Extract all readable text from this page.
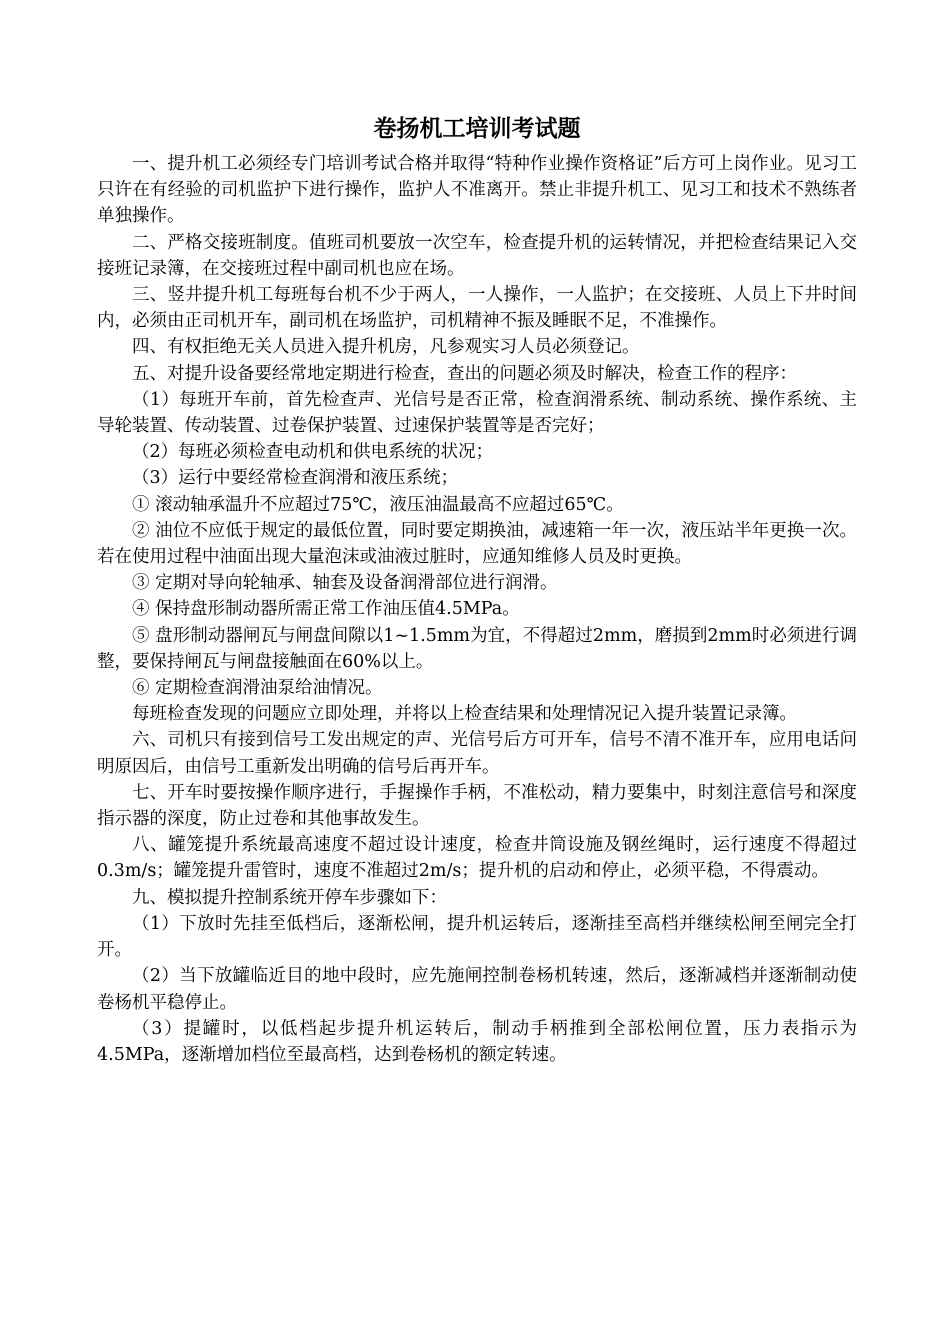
卷扬机工培训考试题

一、提升机工必须经专门培训考试合格并取得“特种作业操作资格证”后方可上岗作业。见习工只许在有经验的司机监护下进行操作，监护人不准离开。禁止非提升机工、见习工和技术不熟练者单独操作。

二、严格交接班制度。值班司机要放一次空车，检查提升机的运转情况，并把检查结果记入交接班记录簿，在交接班过程中副司机也应在场。

三、竖井提升机工每班每台机不少于两人，一人操作，一人监护；在交接班、人员上下井时间内，必须由正司机开车，副司机在场监护，司机精神不振及睡眠不足，不准操作。

四、有权拒绝无关人员进入提升机房，凡参观实习人员必须登记。

五、对提升设备要经常地定期进行检查，查出的问题必须及时解决，检查工作的程序：

（1）每班开车前，首先检查声、光信号是否正常，检查润滑系统、制动系统、操作系统、主导轮装置、传动装置、过卷保护装置、过速保护装置等是否完好；

（2）每班必须检查电动机和供电系统的状况；

（3）运行中要经常检查润滑和液压系统；

① 滚动轴承温升不应超过75℃，液压油温最高不应超过65℃。

② 油位不应低于规定的最低位置，同时要定期换油，减速箱一年一次，液压站半年更换一次。若在使用过程中油面出现大量泡沫或油液过脏时，应通知维修人员及时更换。

③ 定期对导向轮轴承、轴套及设备润滑部位进行润滑。

④ 保持盘形制动器所需正常工作油压值4.5MPa。

⑤ 盘形制动器闸瓦与闸盘间隙以1~1.5mm为宜，不得超过2mm，磨损到2mm时必须进行调整，要保持闸瓦与闸盘接触面在60%以上。

⑥ 定期检查润滑油泵给油情况。

每班检查发现的问题应立即处理，并将以上检查结果和处理情况记入提升装置记录簿。

六、司机只有接到信号工发出规定的声、光信号后方可开车，信号不清不准开车，应用电话问明原因后，由信号工重新发出明确的信号后再开车。

七、开车时要按操作顺序进行，手握操作手柄，不准松动，精力要集中，时刻注意信号和深度指示器的深度，防止过卷和其他事故发生。

八、罐笼提升系统最高速度不超过设计速度，检查井筒设施及钢丝绳时，运行速度不得超过0.3m/s；罐笼提升雷管时，速度不准超过2m/s；提升机的启动和停止，必须平稳，不得震动。

九、模拟提升控制系统开停车步骤如下：

（1）下放时先挂至低档后，逐渐松闸，提升机运转后，逐渐挂至高档并继续松闸至闸完全打开。

（2）当下放罐临近目的地中段时，应先施闸控制卷杨机转速，然后，逐渐减档并逐渐制动使卷杨机平稳停止。

（3）提罐时，以低档起步提升机运转后，制动手柄推到全部松闸位置，压力表指示为4.5MPa，逐渐增加档位至最高档，达到卷杨机的额定转速。
